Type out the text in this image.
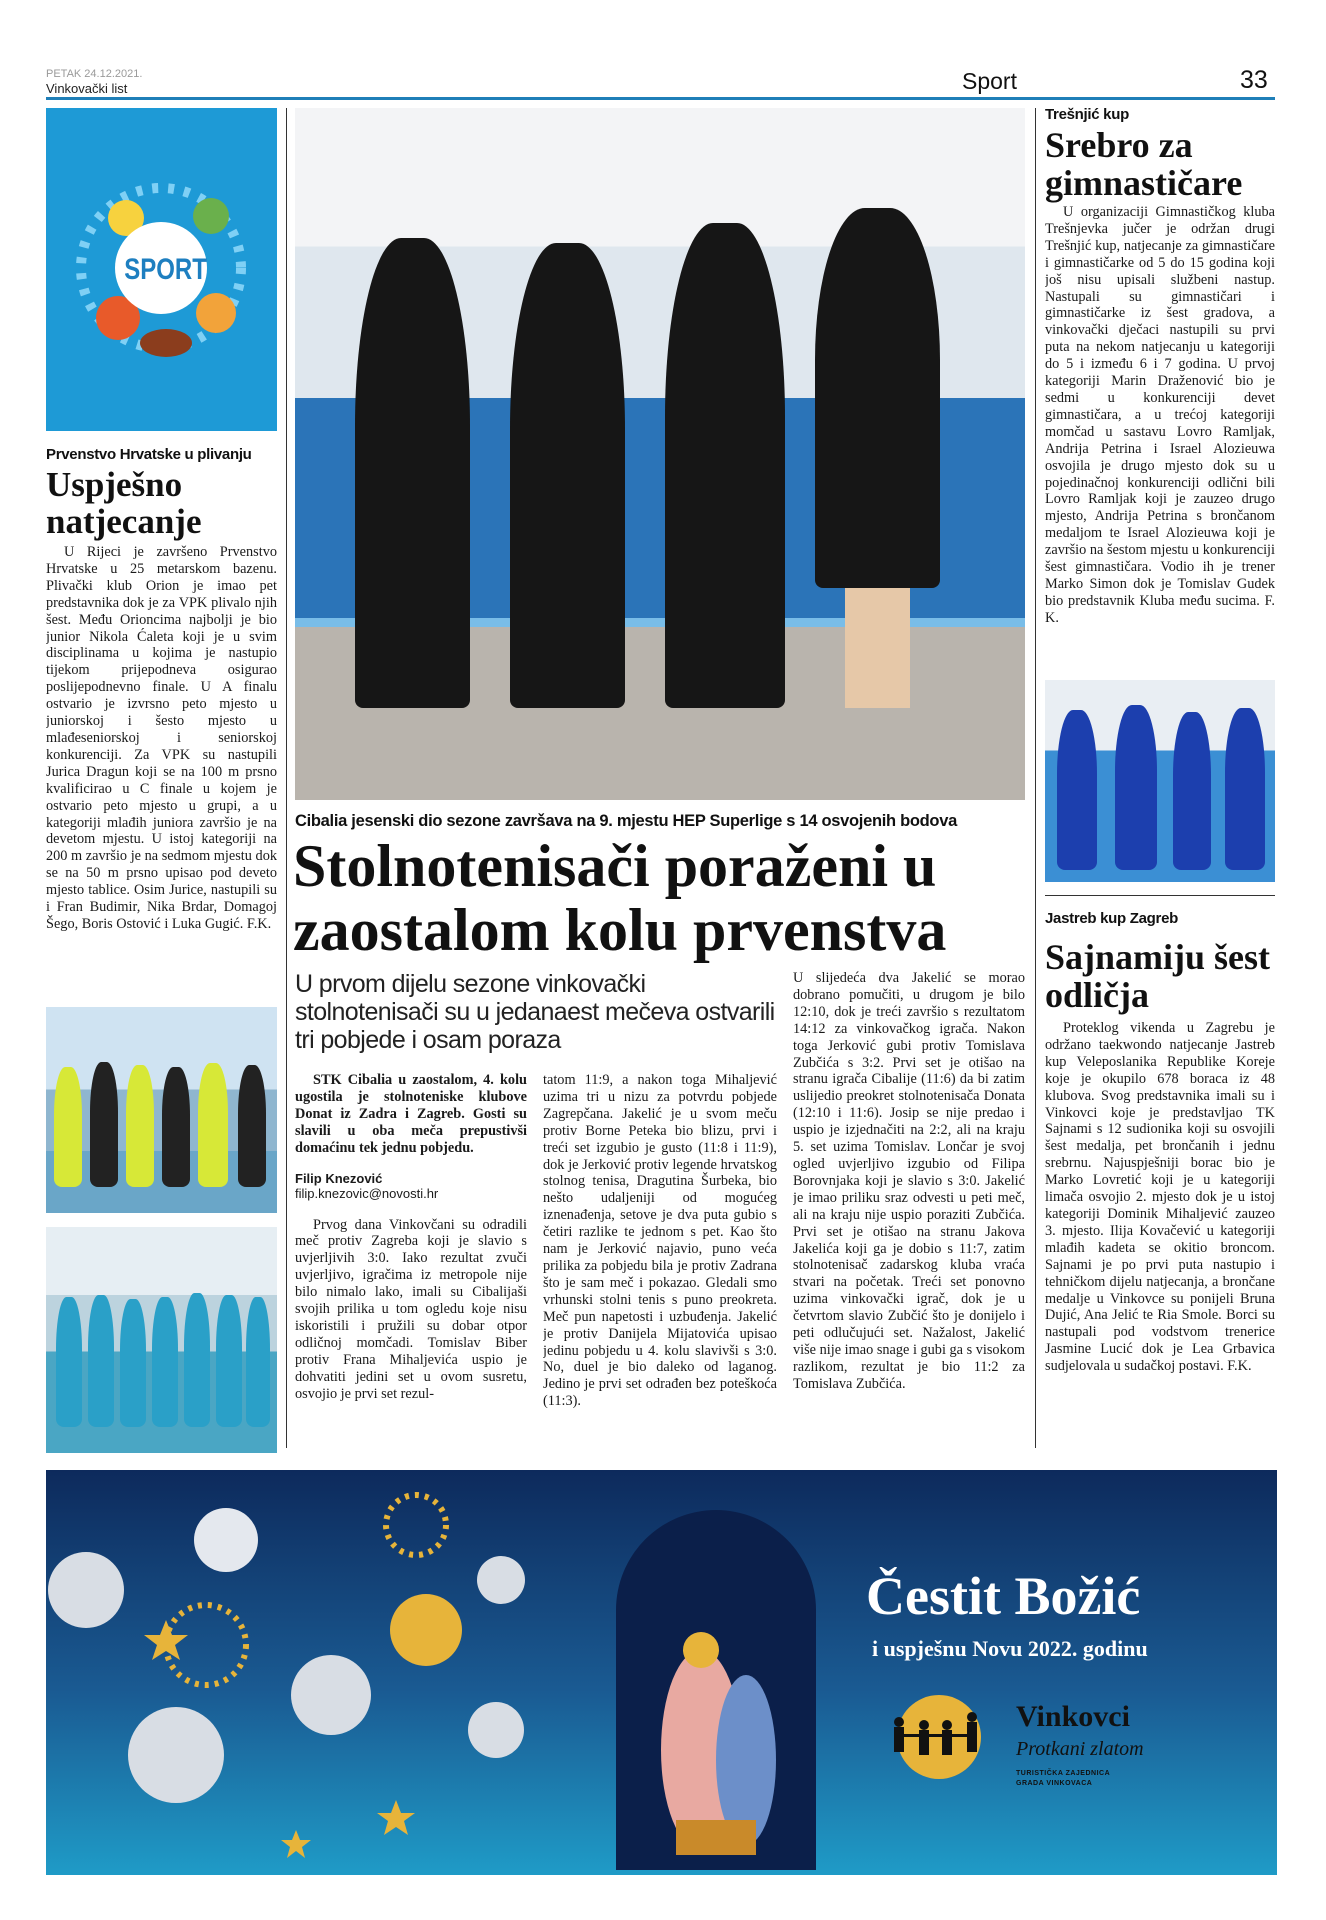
PETAK 24.12.2021.
Vinkovački list	Sport	33
SPORT
Prvenstvo Hrvatske u plivanju
Uspješno natjecanje

U Rijeci je završeno Prvenstvo Hrvatske u 25 metarskom bazenu. Plivački klub Orion je imao pet predstavnika dok je za VPK plivalo njih šest. Među Orioncima najbolji je bio junior Nikola Ćaleta koji je u svim disciplinama u kojima je nastupio tijekom prijepodneva osigurao poslijepodnevno finale. U A finalu ostvario je izvrsno peto mjesto u juniorskoj i šesto mjesto u mlađeseniorskoj i seniorskoj konkurenciji. Za VPK su nastupili Jurica Dragun koji se na 100 m prsno kvalificirao u C finale u kojem je ostvario peto mjesto u grupi, a u kategoriji mlađih juniora završio je na devetom mjestu. U istoj kategoriji na 200 m završio je na sedmom mjestu dok se na 50 m prsno upisao pod deveto mjesto tablice. Osim Jurice, nastupili su i Fran Budimir, Nika Brdar, Domagoj Šego, Boris Ostović i Luka Gugić. F.K.

Cibalia jesenski dio sezone završava na 9. mjestu HEP Superlige s 14 osvojenih bodova
Stolnotenisači poraženi u
zaostalom kolu prvenstva
U prvom dijelu sezone vinkovački stolnotenisači su u jedanaest mečeva ostvarili tri pobjede i osam poraza
STK Cibalia u zaostalom, 4. kolu ugostila je stolnoteniske klubove Donat iz Zadra i Zagreb. Gosti su slavili u oba meča prepustivši domaćinu tek jednu pobjedu.
Filip Knezović
filip.knezovic@novosti.hr

Prvog dana Vinkovčani su odradili meč protiv Zagreba koji je slavio s uvjerljivih 3:0. Iako rezultat zvuči uvjerljivo, igračima iz metropole nije bilo nimalo lako, imali su Cibalijaši svojih prilika u tom ogledu koje nisu iskoristili i pružili su dobar otpor odličnoj momčadi. Tomislav Biber protiv Frana Mihaljevića uspio je dohvatiti jedini set u ovom susretu, osvojio je prvi set rezul-

tatom 11:9, a nakon toga Mihaljević uzima tri u nizu za potvrdu pobjede Zagrepčana. Jakelić je u svom meču protiv Borne Peteka bio blizu, prvi i treći set izgubio je gusto (11:8 i 11:9), dok je Jerković protiv legende hrvatskog stolnog tenisa, Dragutina Šurbeka, bio nešto udaljeniji od mogućeg iznenađenja, setove je dva puta gubio s četiri razlike te jednom s pet. Kao što nam je Jerković najavio, puno veća prilika za pobjedu bila je protiv Zadrana što je sam meč i pokazao. Gledali smo vrhunski stolni tenis s puno preokreta. Meč pun napetosti i uzbuđenja. Jakelić je protiv Danijela Mijatovića upisao jedinu pobjedu u 4. kolu slavivši s 3:0. No, duel je bio daleko od laganog. Jedino je prvi set odrađen bez poteškoća (11:3).
U slijedeća dva Jakelić se morao dobrano pomučiti, u drugom je bilo 12:10, dok je treći završio s rezultatom 14:12 za vinkovačkog igrača. Nakon toga Jerković gubi protiv Tomislava Zubčića s 3:2. Prvi set je otišao na stranu igrača Cibalije (11:6) da bi zatim uslijedio preokret stolnotenisača Donata (12:10 i 11:6). Josip se nije predao i uspio je izjednačiti na 2:2, ali na kraju 5. set uzima Tomislav. Lončar je svoj ogled uvjerljivo izgubio od Filipa Borovnjaka koji je slavio s 3:0. Jakelić je imao priliku sraz odvesti u peti meč, ali na kraju nije uspio poraziti Zubčića. Prvi set je otišao na stranu Jakova Jakelića koji ga je dobio s 11:7, zatim stolnotenisač zadarskog kluba vraća stvari na početak. Treći set ponovno uzima vinkovački igrač, dok je u četvrtom slavio Zubčić što je donijelo i peti odlučujući set. Nažalost, Jakelić više nije imao snage i gubi ga s visokom razlikom, rezultat je bio 11:2 za Tomislava Zubčića.
Trešnjić kup
Srebro za gimnastičare

U organizaciji Gimnastičkog kluba Trešnjevka jučer je održan drugi Trešnjić kup, natjecanje za gimnastičare i gimnastičarke od 5 do 15 godina koji još nisu upisali službeni nastup. Nastupali su gimnastičari i gimnastičarke iz šest gradova, a vinkovački dječaci nastupili su prvi puta na nekom natjecanju u kategoriji do 5 i između 6 i 7 godina. U prvoj kategoriji Marin Draženović bio je sedmi u konkurenciji devet gimnastičara, a u trećoj kategoriji momčad u sastavu Lovro Ramljak, Andrija Petrina i Israel Alozieuwa osvojila je drugo mjesto dok su u pojedinačnoj konkurenciji odlični bili Lovro Ramljak koji je zauzeo drugo mjesto, Andrija Petrina s brončanom medaljom te Israel Alozieuwa koji je završio na šestom mjestu u konkurenciji šest gimnastičara. Vodio ih je trener Marko Simon dok je Tomislav Gudek bio predstavnik Kluba među sucima. F. K.

Jastreb kup Zagreb
Sajnamiju šest odličja

Proteklog vikenda u Zagrebu je održano taekwondo natjecanje Jastreb kup Veleposlanika Republike Koreje koje je okupilo 678 boraca iz 48 klubova. Svog predstavnika imali su i Vinkovci koje je predstavljao TK Sajnami s 12 sudionika koji su osvojili šest medalja, pet brončanih i jednu srebrnu. Najuspješniji borac bio je Marko Lovretić koji je u kategoriji limača osvojio 2. mjesto dok je u istoj kategoriji Dominik Mihaljević zauzeo 3. mjesto. Ilija Kovačević u kategoriji mlađih kadeta se okitio broncom. Sajnami je po prvi puta nastupio i tehničkom dijelu natjecanja, a brončane medalje u Vinkovce su ponijeli Bruna Dujić, Ana Jelić te Ria Smole. Borci su nastupali pod vodstvom trenerice Jasmine Lucić dok je Lea Grbavica sudjelovala u sudačkoj postavi. F.K.

Čestit Božić
i uspješnu Novu 2022. godinu
Vinkovci
Protkani zlatom
TURISTIČKA ZAJEDNICA
GRADA VINKOVACA
